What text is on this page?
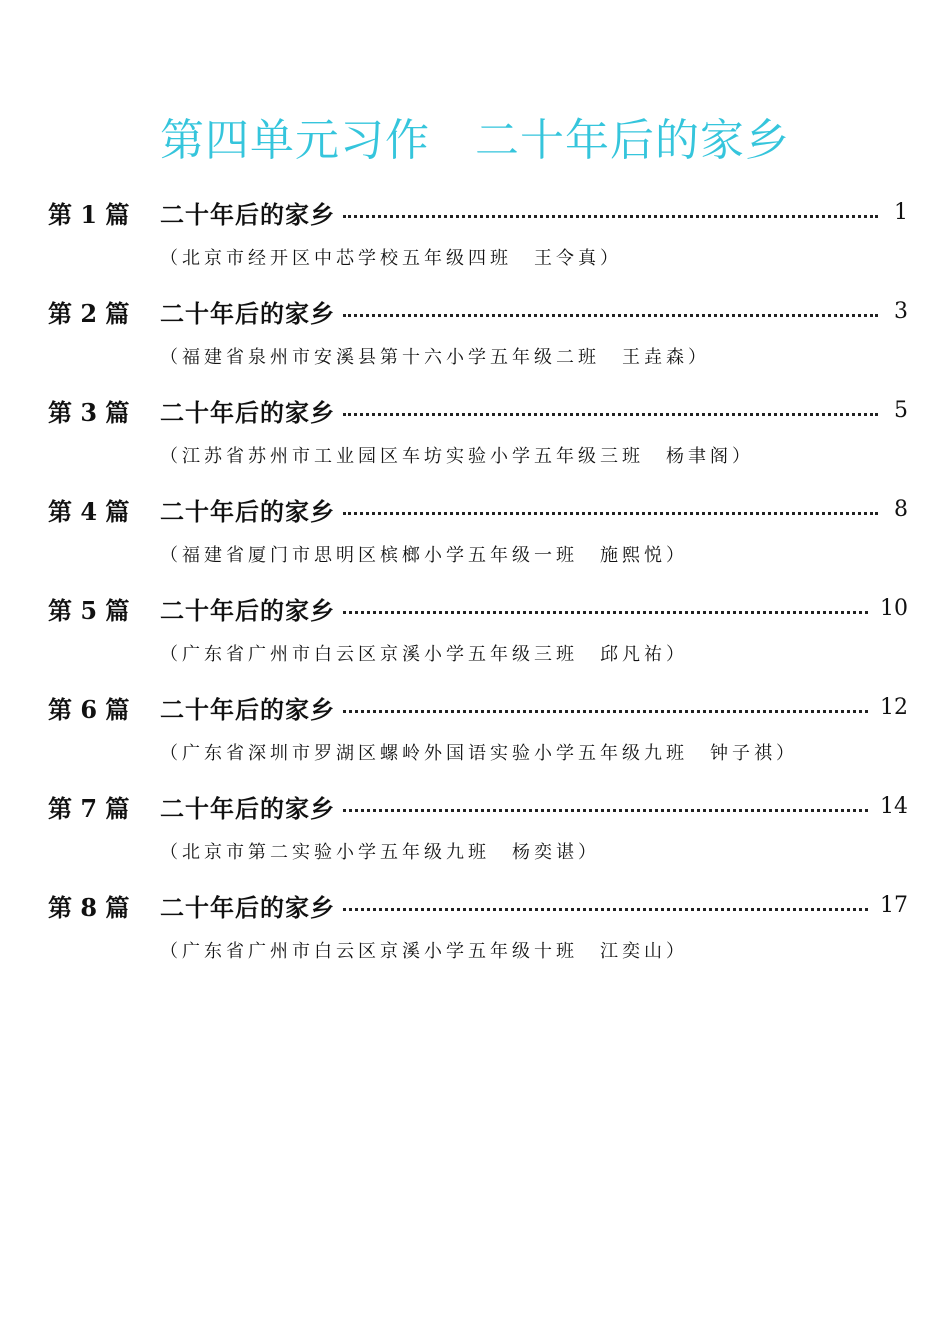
第四单元习作　二十年后的家乡
第 1 篇	二十年后的家乡	1
（北京市经开区中芯学校五年级四班　王令真）
第 2 篇	二十年后的家乡	3
（福建省泉州市安溪县第十六小学五年级二班　王垚森）
第 3 篇	二十年后的家乡	5
（江苏省苏州市工业园区车坊实验小学五年级三班　杨聿阁）
第 4 篇	二十年后的家乡	8
（福建省厦门市思明区槟榔小学五年级一班　施熙悦）
第 5 篇	二十年后的家乡	10
（广东省广州市白云区京溪小学五年级三班　邱凡祐）
第 6 篇	二十年后的家乡	12
（广东省深圳市罗湖区螺岭外国语实验小学五年级九班　钟子祺）
第 7 篇	二十年后的家乡	14
（北京市第二实验小学五年级九班　杨奕谌）
第 8 篇	二十年后的家乡	17
（广东省广州市白云区京溪小学五年级十班　江奕山）
